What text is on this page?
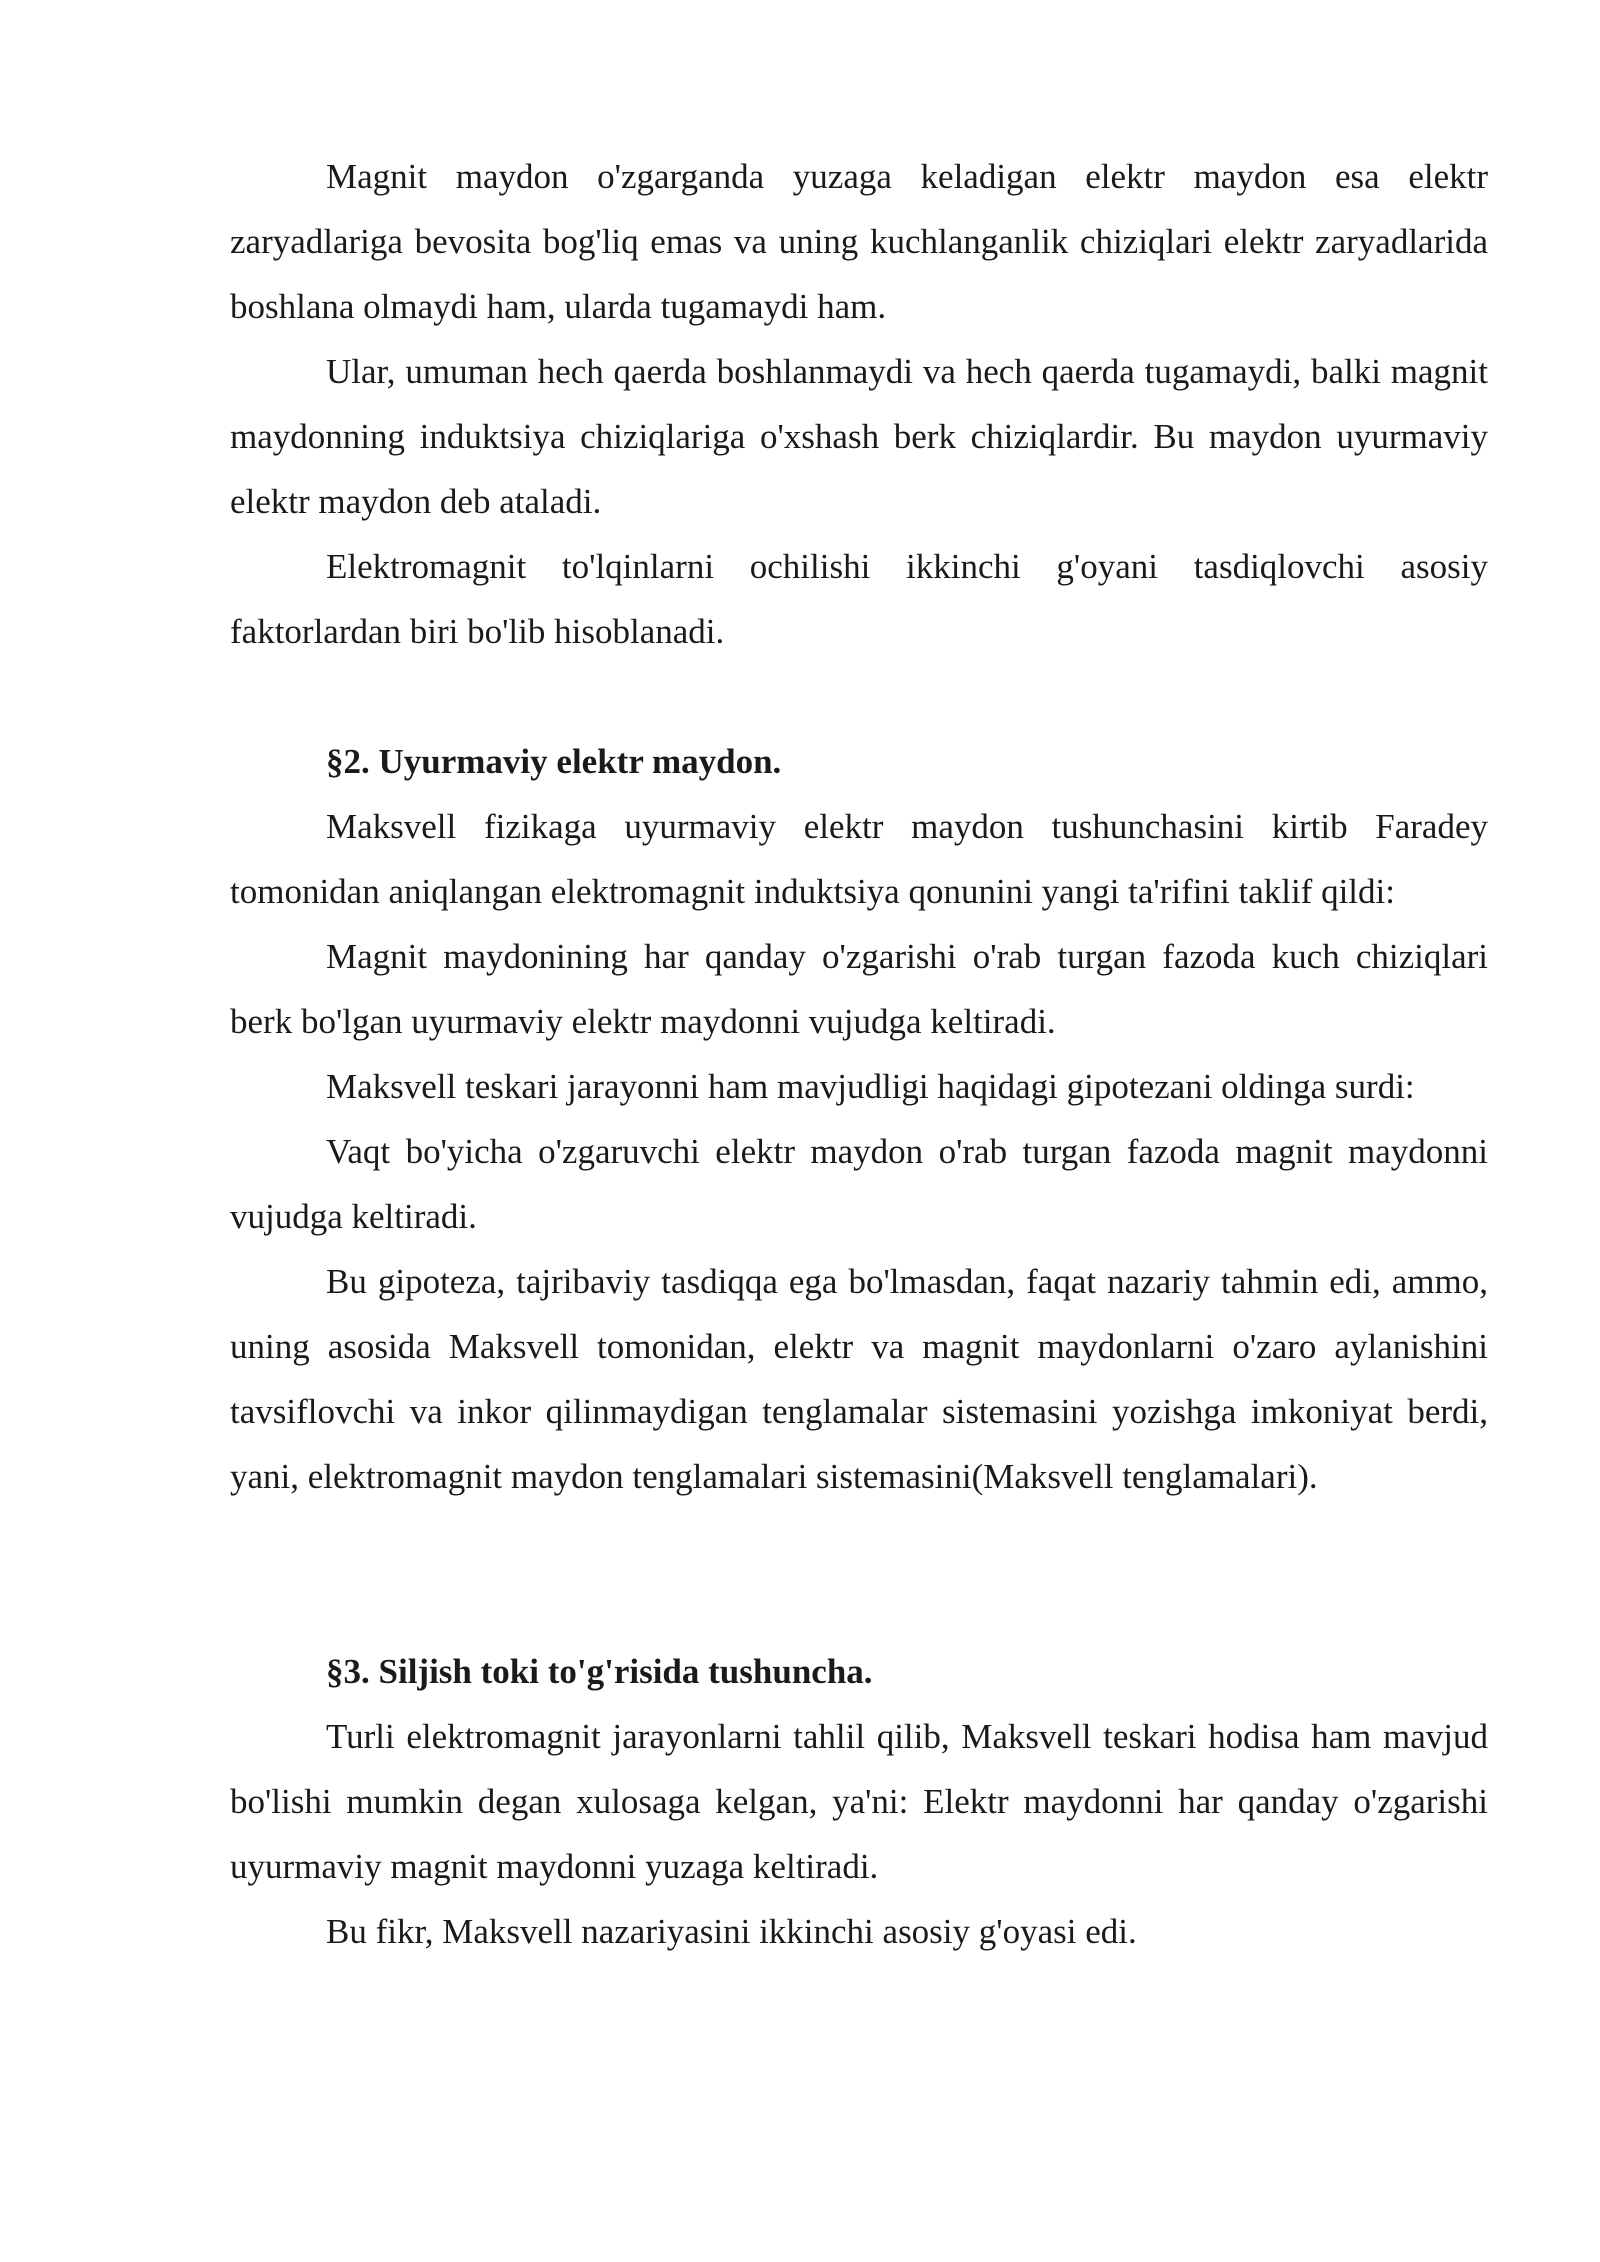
Magnit maydon o'zgarganda yuzaga keladigan elektr maydon esa elektr zaryadlariga bevosita bog'liq emas va uning kuchlanganlik chiziqlari elektr zaryadlarida boshlana olmaydi ham, ularda tugamaydi ham.

Ular, umuman hech qaerda boshlanmaydi va hech qaerda tugamaydi, balki magnit maydonning induktsiya chiziqlariga o'xshash berk chiziqlardir. Bu maydon uyurmaviy elektr maydon deb ataladi.

Elektromagnit to'lqinlarni ochilishi ikkinchi g'oyani tasdiqlovchi asosiy faktorlardan biri bo'lib hisoblanadi.

§2. Uyurmaviy elektr maydon.

Maksvell fizikaga uyurmaviy elektr maydon tushunchasini kirtib Faradey tomonidan aniqlangan elektromagnit induktsiya qonunini yangi ta'rifini taklif qildi:

Magnit maydonining har qanday o'zgarishi o'rab turgan fazoda kuch chiziqlari berk bo'lgan uyurmaviy elektr maydonni vujudga keltiradi.

Maksvell teskari jarayonni ham mavjudligi haqidagi gipotezani oldinga surdi:

Vaqt bo'yicha o'zgaruvchi elektr maydon o'rab turgan fazoda magnit maydonni vujudga keltiradi.

Bu gipoteza, tajribaviy tasdiqqa ega bo'lmasdan, faqat nazariy tahmin edi, ammo, uning asosida Maksvell tomonidan, elektr va magnit maydonlarni o'zaro aylanishini tavsiflovchi va inkor qilinmaydigan tenglamalar sistemasini yozishga imkoniyat berdi, yani, elektromagnit maydon tenglamalari sistemasini(Maksvell tenglamalari).

§3. Siljish toki to'g'risida tushuncha.

Turli elektromagnit jarayonlarni tahlil qilib, Maksvell teskari hodisa ham mavjud bo'lishi mumkin degan xulosaga kelgan, ya'ni: Elektr maydonni har qanday o'zgarishi uyurmaviy magnit maydonni yuzaga keltiradi.

Bu fikr, Maksvell nazariyasini ikkinchi asosiy g'oyasi edi.
